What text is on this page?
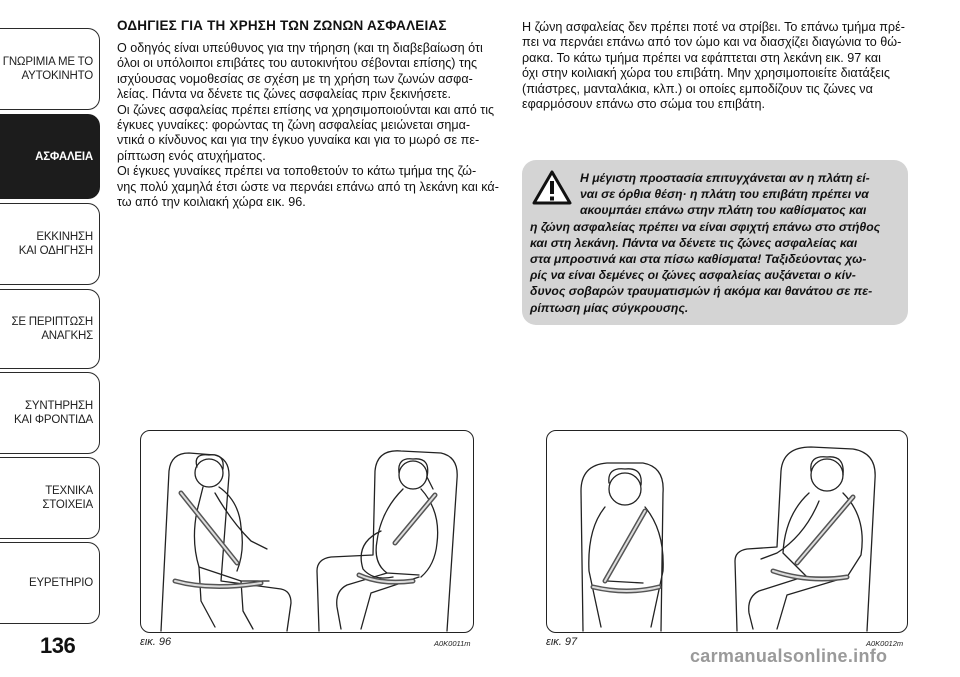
ΓΝΩΡΙΜΙΑ ΜΕ ΤΟ
ΑΥΤΟΚΙΝΗΤΟ
ΑΣΦΑΛΕΙΑ
ΕΚΚΙΝΗΣΗ
ΚΑΙ ΟΔΗΓΗΣΗ
ΣΕ ΠΕΡΙΠΤΩΣΗ
ΑΝΑΓΚΗΣ
ΣΥΝΤΗΡΗΣΗ
ΚΑΙ ΦΡΟΝΤΙΔΑ
ΤΕΧΝΙΚΑ
ΣΤΟΙΧΕΙΑ
ΕΥΡΕΤΗΡΙΟ
136
ΟΔΗΓΙΕΣ ΓΙΑ ΤΗ ΧΡΗΣΗ ΤΩΝ ΖΩΝΩΝ ΑΣΦΑΛΕΙΑΣ
Ο οδηγός είναι υπεύθυνος για την τήρηση (και τη διαβεβαίωση ότι
όλοι οι υπόλοιποι επιβάτες του αυτοκινήτου σέβονται επίσης) της
ισχύουσας νομοθεσίας σε σχέση με τη χρήση των ζωνών ασφα-
λείας. Πάντα να δένετε τις ζώνες ασφαλείας πριν ξεκινήσετε.
Οι ζώνες ασφαλείας πρέπει επίσης να χρησιμοποιούνται και από τις
έγκυες γυναίκες: φορώντας τη ζώνη ασφαλείας μειώνεται σημα-
ντικά ο κίνδυνος και για την έγκυο γυναίκα και για το μωρό σε πε-
ρίπτωση ενός ατυχήματος.
Οι έγκυες γυναίκες πρέπει να τοποθετούν το κάτω τμήμα της ζώ-
νης πολύ χαμηλά έτσι ώστε να περνάει επάνω από τη λεκάνη και κά-
τω από την κοιλιακή χώρα εικ. 96.
Η ζώνη ασφαλείας δεν πρέπει ποτέ να στρίβει. Το επάνω τμήμα πρέ-
πει να περνάει επάνω από τον ώμο και να διασχίζει διαγώνια το θώ-
ρακα. Το κάτω τμήμα πρέπει να εφάπτεται στη λεκάνη εικ. 97 και
όχι στην κοιλιακή χώρα του επιβάτη. Μην χρησιμοποιείτε διατάξεις
(πιάστρες, μανταλάκια, κλπ.) οι οποίες εμποδίζουν τις ζώνες να
εφαρμόσουν επάνω στο σώμα του επιβάτη.
Η μέγιστη προστασία επιτυγχάνεται αν η πλάτη εί-
ναι σε όρθια θέση· η πλάτη του επιβάτη πρέπει να
ακουμπάει επάνω στην πλάτη του καθίσματος και
η ζώνη ασφαλείας πρέπει να είναι σφιχτή επάνω στο στήθος
και στη λεκάνη. Πάντα να δένετε τις ζώνες ασφαλείας και
στα μπροστινά και στα πίσω καθίσματα! Ταξιδεύοντας χω-
ρίς να είναι δεμένες οι ζώνες ασφαλείας αυξάνεται ο κίν-
δυνος σοβαρών τραυματισμών ή ακόμα και θανάτου σε πε-
ρίπτωση μίας σύγκρουσης.
εικ. 96	A0K0011m	εικ. 97	A0K0012m
carmanualsonline.info
